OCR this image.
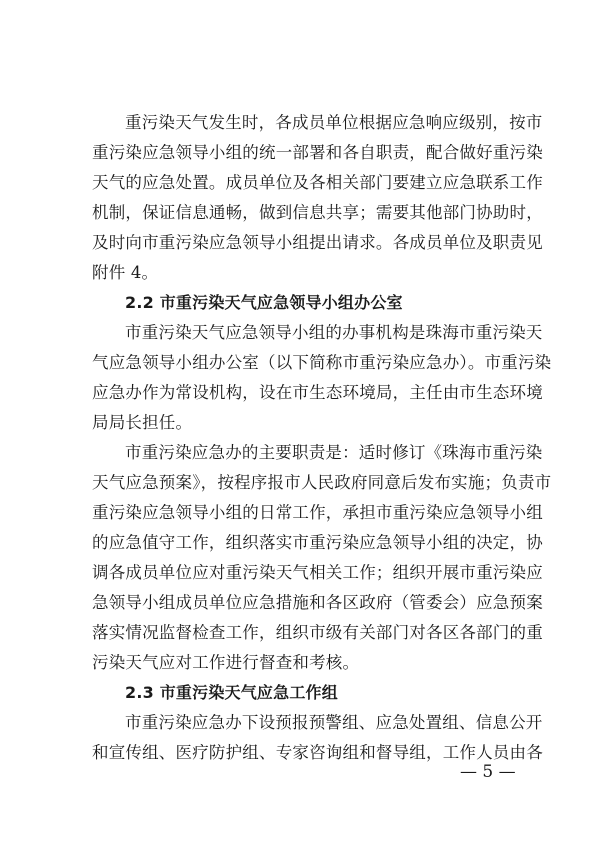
重污染天气发生时，各成员单位根据应急响应级别，按市
重污染应急领导小组的统一部署和各自职责，配合做好重污染
天气的应急处置。成员单位及各相关部门要建立应急联系工作
机制，保证信息通畅，做到信息共享；需要其他部门协助时，
及时向市重污染应急领导小组提出请求。各成员单位及职责见
附件 4。
2.2 市重污染天气应急领导小组办公室
市重污染天气应急领导小组的办事机构是珠海市重污染天
气应急领导小组办公室（以下简称市重污染应急办）。市重污染
应急办作为常设机构，设在市生态环境局，主任由市生态环境
局局长担任。
市重污染应急办的主要职责是：适时修订《珠海市重污染
天气应急预案》，按程序报市人民政府同意后发布实施；负责市
重污染应急领导小组的日常工作，承担市重污染应急领导小组
的应急值守工作，组织落实市重污染应急领导小组的决定，协
调各成员单位应对重污染天气相关工作；组织开展市重污染应
急领导小组成员单位应急措施和各区政府（管委会）应急预案
落实情况监督检查工作，组织市级有关部门对各区各部门的重
污染天气应对工作进行督查和考核。
2.3 市重污染天气应急工作组
市重污染应急办下设预报预警组、应急处置组、信息公开
和宣传组、医疗防护组、专家咨询组和督导组，工作人员由各
— 5 —
